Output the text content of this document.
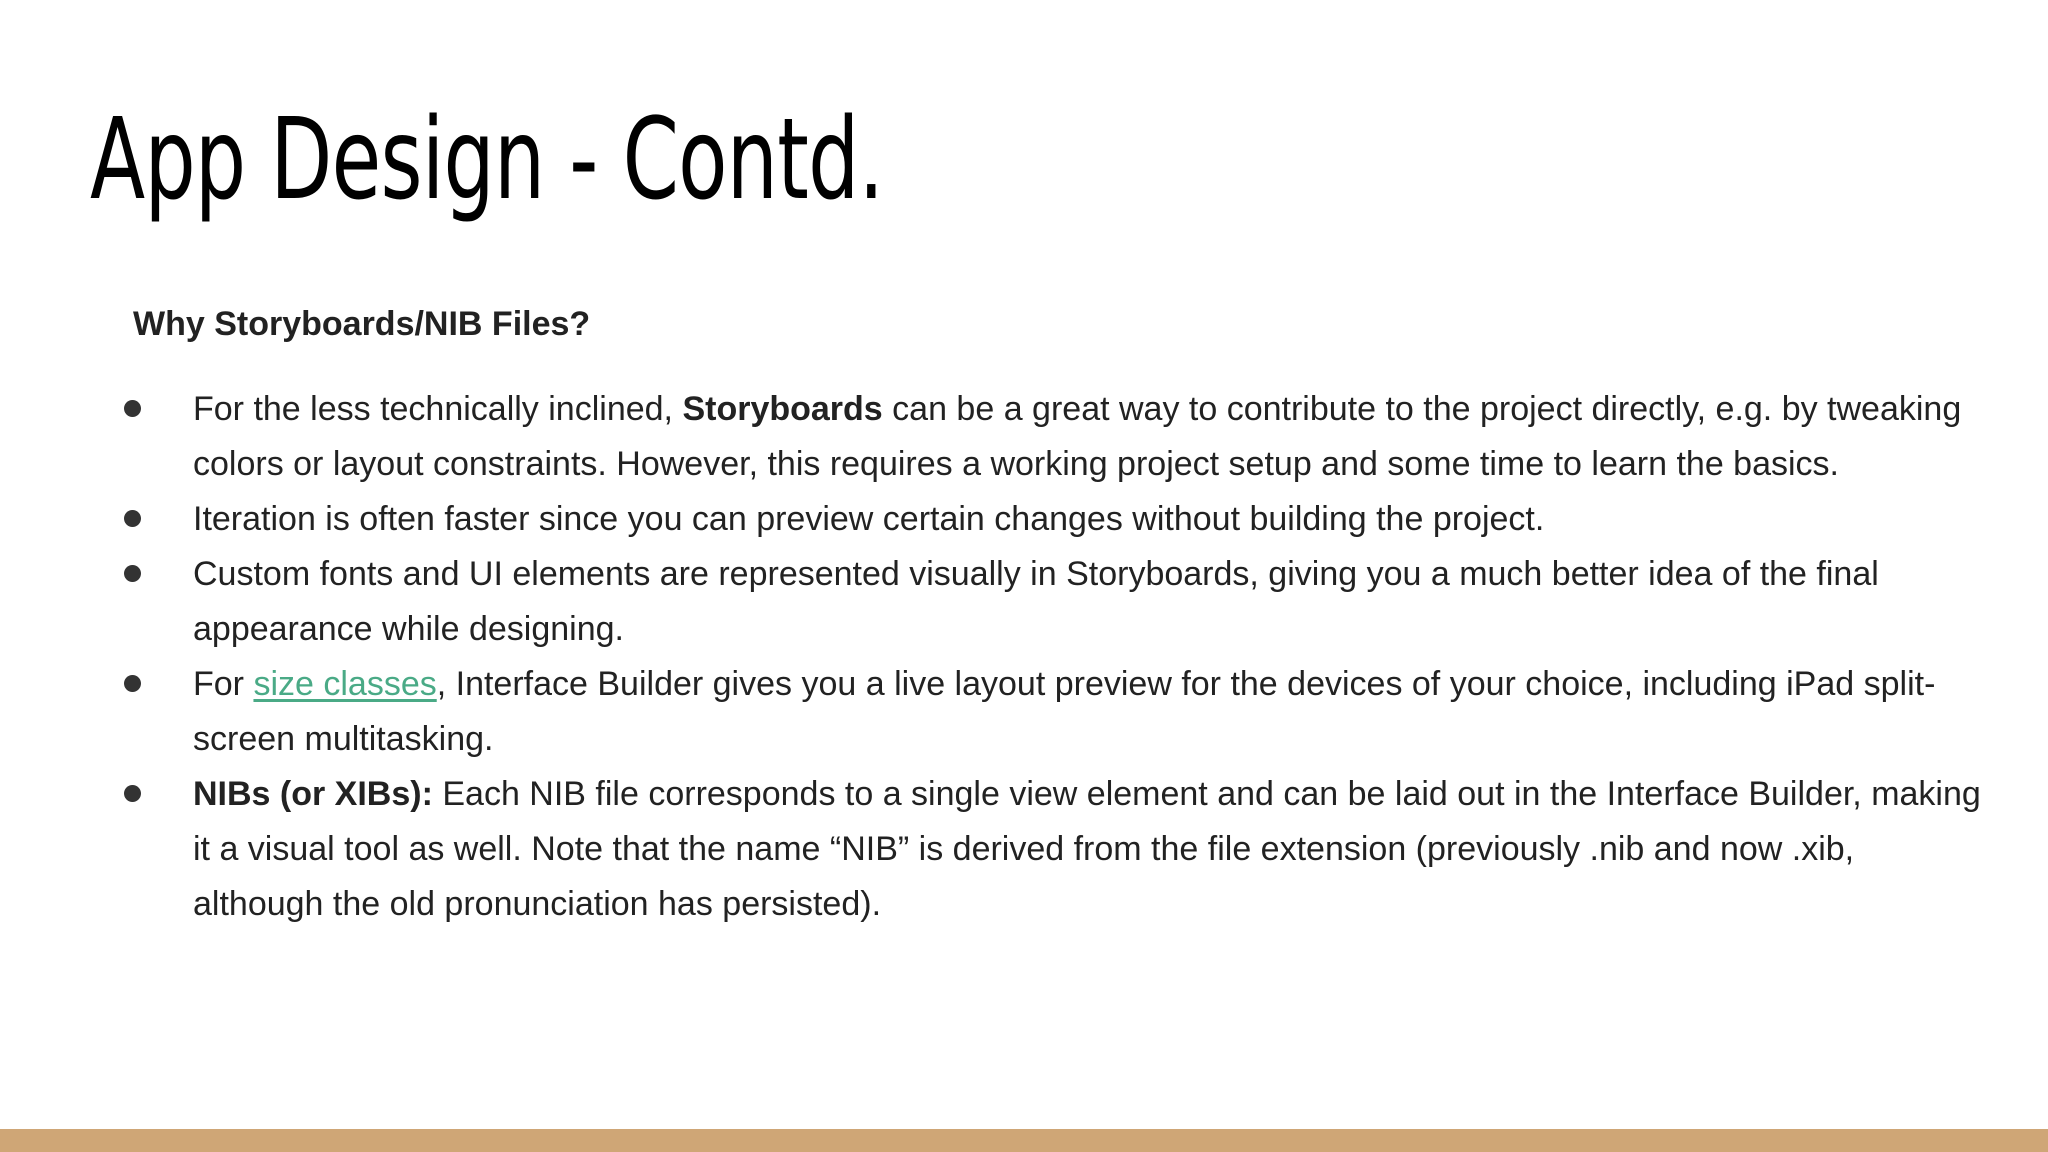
App Design - Contd.

Why Storyboards/NIB Files?

For the less technically inclined, Storyboards can be a great way to contribute to the project directly, e.g. by tweaking colors or layout constraints. However, this requires a working project setup and some time to learn the basics.
Iteration is often faster since you can preview certain changes without building the project.
Custom fonts and UI elements are represented visually in Storyboards, giving you a much better idea of the final appearance while designing.
For size classes, Interface Builder gives you a live layout preview for the devices of your choice, including iPad split-screen multitasking.
NIBs (or XIBs): Each NIB file corresponds to a single view element and can be laid out in the Interface Builder, making it a visual tool as well. Note that the name “NIB” is derived from the file extension (previously .nib and now .xib, although the old pronunciation has persisted).
